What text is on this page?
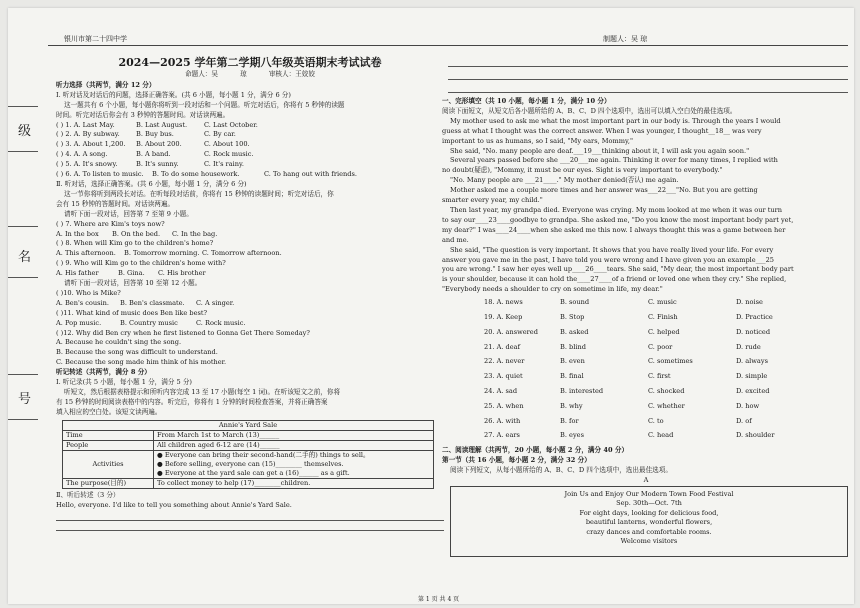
银川市第二十四中学	制题人：吴 琼
级
名
号
2024—2025 学年第二学期八年级英语期末考试试卷
命题人：吴 琼	审核人：王姣姣
听力选择（共两节，满分 12 分）
Ⅰ. 听对话及对话后的问题，选择正确答案。(共 6 小题，每小题 1 分，满分 6 分)
这一题共有 6 个小题，每小题你将听到一段对话和一个问题。听完对话后，你将有 5 秒钟的读题
时间。听完对话后你会有 3 秒钟的答题时间。对话读两遍。
( ) 1. A. Last May.	B. Last August.	C. Last October.
( ) 2. A. By subway. B. Buy bus.	C. By car.
( ) 3. A. About 1,200. B. About 200.	C. About 100.
( ) 4. A. A song.	B. A band.	C. Rock music.
( ) 5. A. It's snowy.	B. It's sunny.	C. It's rainy.
( ) 6. A. To listen to music. B. To do some housework.	C. To hang out with friends.
Ⅱ. 听对话，选择正确答案。(共 6 小题，每小题 1 分，满分 6 分)
这一节你将听到两段长对话。在听每段对话前，你将有 15 秒钟的读题时间；听完对话后，你
会有 15 秒钟的答题时间。对话读两遍。
请听下面一段对话，回答第 7 至第 9 小题。
( ) 7. Where are Kim's toys now?
A. In the box B. On the bed. C. In the bag.
( ) 8. When will Kim go to the children's home?
A. This afternoon. B. Tomorrow morning. C. Tomorrow afternoon.
( ) 9. Who will Kim go to the children's home with?
A. His father	B. Gina. C. His brother
请听下面一段对话，回答第 10 至第 12 小题。
( )10. Who is Mike?
A. Ben's cousin. B. Ben's classmate. C. A singer.
( )11. What kind of music does Ben like best?
A. Pop music.	B. Country music	C. Rock music.
( )12. Why did Ben cry when he first listened to Gonna Get There Someday?
A. Because he couldn't sing the song.
B. Because the song was difficult to understand.
C. Because the song made him think of his mother.
听记转述（共两节，满分 8 分）
Ⅰ. 听记录(共 5 小题，每小题 1 分，满分 5 分)
听短文，然后根据表格提示和所听内容完成 13 至 17 小题(每空 1 词)。在听该短文之前，你将
有 15 秒钟的时间阅读表格中的内容。听完后，你将有 1 分钟的时间检查答案，并将正确答案
填入相应的空白处。该短文读两遍。
Annie's Yard Sale	
Time	From March 1st to March (13)______
People	All children aged 6-12 are (14)______
Activities	● Everyone can bring their second-hand(二手的) things to sell。
● Before selling, everyone can (15)________ themselves.
● Everyone at the yard sale can get a (16)______ as a gift.

The purpose(目的)	To collect money to help (17)________children.
Ⅱ、听后转述（3 分）
Hello, everyone. I'd like to tell you something about Annie's Yard Sale.
一、完形填空（共 10 小题，每小题 1 分，满分 10 分）
阅读下面短文，从短文后各小题所给的 A、B、C、D 四个选项中，选出可以填入空白处的最佳选项。
My mother used to ask me what the most important part in our body is. Through the years I would
guess at what I thought was the correct answer. When I was younger, I thought__18__ was very
important to us as humans, so I said, "My ears, Mommy,"
She said, "No. many people are deaf.___19___thinking about it, I will ask you again soon."
Several years passed before she ___20___me again. Thinking it over for many times, I replied with
no doubt(疑虑), "Mommy, it must be our eyes. Sight is very important to everybody."
"No. Many people are ___21____." My mother denied(否认) me again.
Mother asked me a couple more times and her answer was___22___"No. But you are getting
smarter every year, my child."
Then last year, my grandpa died. Everyone was crying. My mom looked at me when it was our turn
to say our____23____goodbye to grandpa. She asked me, "Do you know the most important body part yet,
my dear?" I was____24____when she asked me this now. I always thought this was a game between her
and me.
She said, "The question is very important. It shows that you have really lived your life. For every
answer you gave me in the past, I have told you were wrong and I have given you an example___25
you are wrong." I saw her eyes well up____26____tears. She said, "My dear, the most important body part
is your shoulder, because it can hold the____27____of a friend or loved one when they cry." She replied,
"Everybody needs a shoulder to cry on sometime in life, my dear."
18. A. news	B. sound	C. music	D. noise
19. A. Keep	B. Stop	C. Finish	D. Practice
20. A. answered	B. asked	C. helped	D. noticed
21. A. deaf	B. blind	C. poor	D. rude
22. A. never	B. even	C. sometimes	D. always
23. A. quiet	B. final	C. first	D. simple
24. A. sad	B. interested	C. shocked	D. excited
25. A. when	B. why	C. whether	D. how
26. A. with	B. for	C. to	D. of
27. A. ears	B. eyes	C. head	D. shoulder
二、阅读理解（共两节，20 小题，每小题 2 分，满分 40 分）
第一节（共 16 小题，每小题 2 分，满分 32 分）
阅读下列短文，从每小题所给的 A、B、C、D 四个选项中，选出最佳选项。
A
Join Us and Enjoy Our Modern Town Food Festival
Sep. 30th—Oct. 7th
For eight days, looking for delicious food,
beautiful lanterns, wonderful flowers,
crazy dances and comfortable rooms.
Welcome visitors
第 1 页 共 4 页
